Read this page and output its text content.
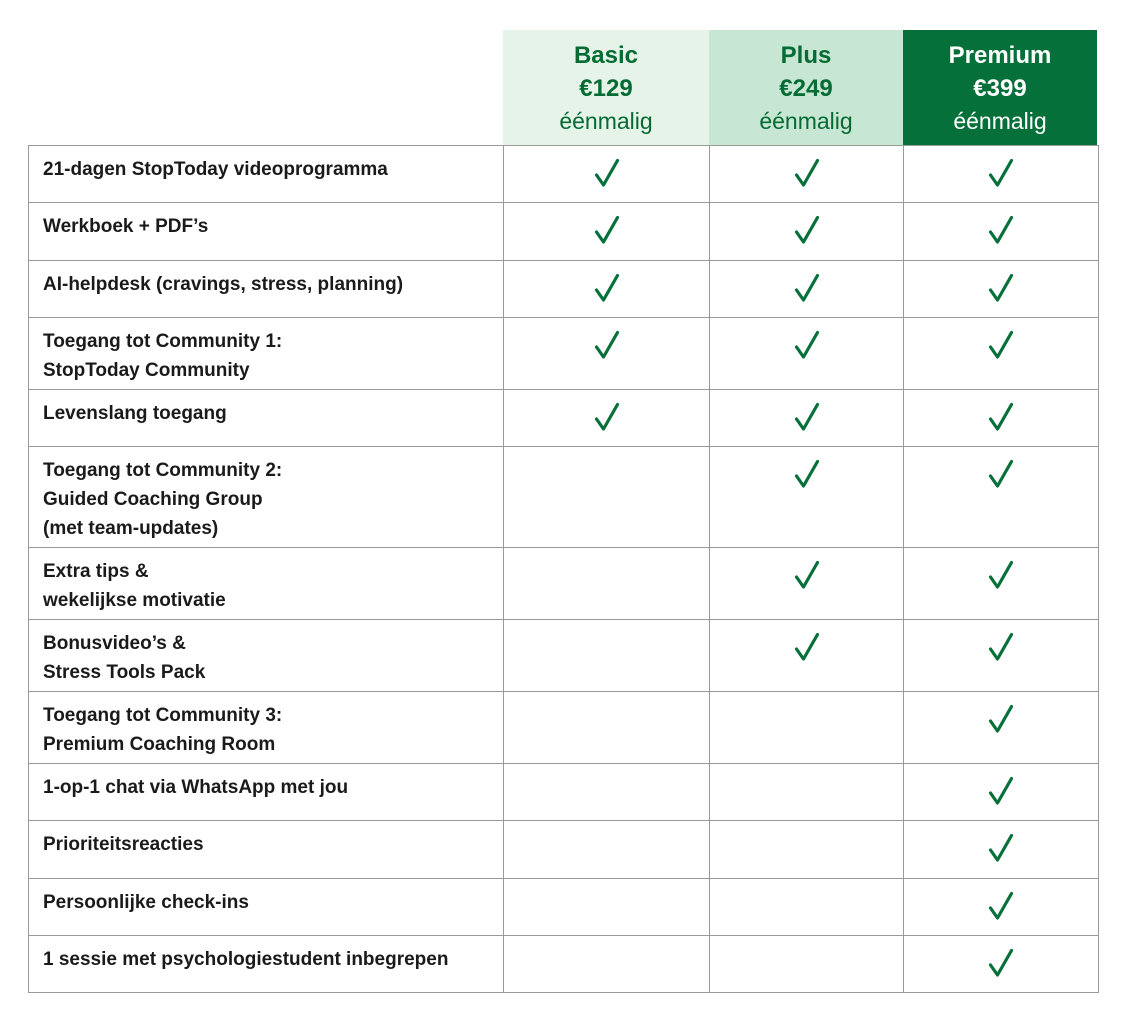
Basic
€129
éénmalig
Plus
€249
éénmalig
Premium
€399
éénmalig
21-dagen StopToday videoprogramma
Werkboek + PDF’s
AI-helpdesk (cravings, stress, planning)
Toegang tot Community 1:
StopToday Community
Levenslang toegang
Toegang tot Community 2:
Guided Coaching Group
(met team-updates)
Extra tips &
wekelijkse motivatie
Bonusvideo’s &
Stress Tools Pack
Toegang tot Community 3:
Premium Coaching Room
1-op-1 chat via WhatsApp met jou
Prioriteitsreacties
Persoonlijke check-ins
1 sessie met psychologiestudent inbegrepen
